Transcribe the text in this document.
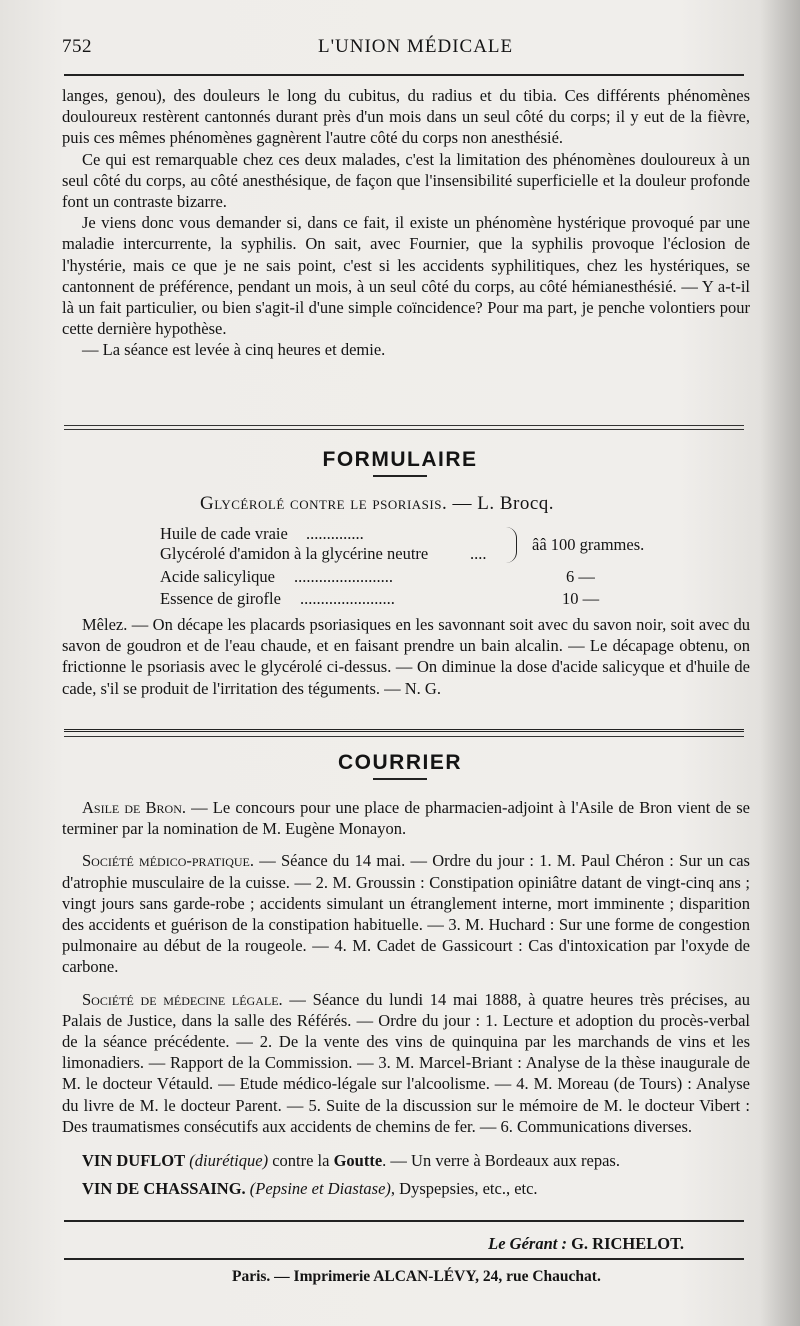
752	L'UNION MÉDICALE

langes, genou), des douleurs le long du cubitus, du radius et du tibia. Ces différents phénomènes douloureux restèrent cantonnés durant près d'un mois dans un seul côté du corps; il y eut de la fièvre, puis ces mêmes phénomènes gagnèrent l'autre côté du corps non anesthésié.

Ce qui est remarquable chez ces deux malades, c'est la limitation des phénomènes douloureux à un seul côté du corps, au côté anesthésique, de façon que l'insensibilité superficielle et la douleur profonde font un contraste bizarre.

Je viens donc vous demander si, dans ce fait, il existe un phénomène hystérique provoqué par une maladie intercurrente, la syphilis. On sait, avec Fournier, que la syphilis provoque l'éclosion de l'hystérie, mais ce que je ne sais point, c'est si les accidents syphilitiques, chez les hystériques, se cantonnent de préférence, pendant un mois, à un seul côté du corps, au côté hémianesthésié. — Y a-t-il là un fait particulier, ou bien s'agit-il d'une simple coïncidence? Pour ma part, je penche volontiers pour cette dernière hypothèse.

— La séance est levée à cinq heures et demie.

FORMULAIRE
Glycérolé contre le psoriasis. — L. Brocq.
Huile de cade vraie ..............
Glycérolé d'amidon à la glycérine neutre	....	ââ 100 grammes.
Acide salicylique ........................	6 —
Essence de girofle .......................	10 —

Mêlez. — On décape les placards psoriasiques en les savonnant soit avec du savon noir, soit avec du savon de goudron et de l'eau chaude, et en faisant prendre un bain alcalin. — Le décapage obtenu, on frictionne le psoriasis avec le glycérolé ci-dessus. — On diminue la dose d'acide salicyque et d'huile de cade, s'il se produit de l'irritation des téguments. — N. G.

COURRIER

Asile de Bron. — Le concours pour une place de pharmacien-adjoint à l'Asile de Bron vient de se terminer par la nomination de M. Eugène Monayon.

Société médico-pratique. — Séance du 14 mai. — Ordre du jour : 1. M. Paul Chéron : Sur un cas d'atrophie musculaire de la cuisse. — 2. M. Groussin : Constipation opiniâtre datant de vingt-cinq ans ; vingt jours sans garde-robe ; accidents simulant un étranglement interne, mort imminente ; disparition des accidents et guérison de la constipation habituelle. — 3. M. Huchard : Sur une forme de congestion pulmonaire au début de la rougeole. — 4. M. Cadet de Gassicourt : Cas d'intoxication par l'oxyde de carbone.

Société de médecine légale. — Séance du lundi 14 mai 1888, à quatre heures très précises, au Palais de Justice, dans la salle des Référés. — Ordre du jour : 1. Lecture et adoption du procès-verbal de la séance précédente. — 2. De la vente des vins de quinquina par les marchands de vins et les limonadiers. — Rapport de la Commission. — 3. M. Marcel-Briant : Analyse de la thèse inaugurale de M. le docteur Vétauld. — Etude médico-légale sur l'alcoolisme. — 4. M. Moreau (de Tours) : Analyse du livre de M. le docteur Parent. — 5. Suite de la discussion sur le mémoire de M. le docteur Vibert : Des traumatismes consécutifs aux accidents de chemins de fer. — 6. Communications diverses.

VIN DUFLOT (diurétique) contre la Goutte. — Un verre à Bordeaux aux repas.

VIN DE CHASSAING. (Pepsine et Diastase), Dyspepsies, etc., etc.

Le Gérant : G. RICHELOT.
Paris. — Imprimerie ALCAN-LÉVY, 24, rue Chauchat.
